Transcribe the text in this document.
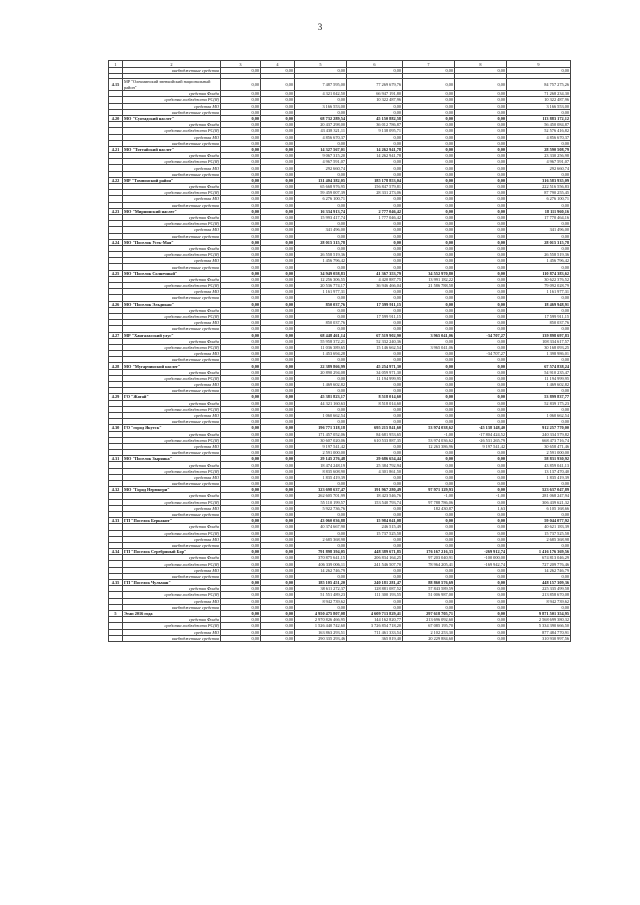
3
1	2	3	4	5	6	7	8	9
	внебюджетные средства	0,00	0,00	0,00	0,00	0,00	0,00	0,00

4.15	МР "Олекминский эвенкийский национальный район"	0,00	0,00	7 487 595,00	77 269 679,76	0,00	0,00	84 757 275,26
	средства Фонда	0,00	0,00	4 321 042,50	66 947 191,80	0,00	0,00	71 268 234,30
	средства госбюджета РС(Я)	0,00	0,00	0,00	10 322 487,96	0,00	0,00	10 322 487,96
	средства МО	0,00	0,00	3 166 553,00	0,00	0,00	0,00	3 166 553,00
	внебюджетные средства	0,00	0,00	0,00	0,00	0,00	0,00	0,00
4.20	МО "Суотадский наслег"	0,00	0,00	68 732 289,54	45 150 882,58	0,00	0,00	113 883 172,12
	средства Фонда	0,00	0,00	20 437 298,00	36 012 786,87	0,00	0,00	56 450 084,87
	средства госбюджета РС(Я)	0,00	0,00	43 438 321,11	9 138 095,71	0,00	0,00	52 576 416,82
	средства МО	0,00	0,00	4 856 670,37	0,00	0,00	0,00	4 856 670,37
	внебюджетные средства	0,00	0,00	0,00	0,00	0,00	0,00	0,00
4.21	МО "Тоттайский наслег"	0,00	0,00	14 327 567,01	14 262 941,78	0,00	0,00	28 590 508,79
	средства Фонда	0,00	0,00	9 067 315,20	14 262 941,78	0,00	0,00	23 330 256,98
	средства госбюджета РС(Я)	0,00	0,00	4 967 591,07	0,00	0,00	0,00	4 967 591,07
	средства МО	0,00	0,00	292 660,74	0,00	0,00	0,00	292 660,74
	внебюджетные средства	0,00	0,00	0,00	0,00	0,00	0,00	0,00
4.22	МР "Томпонский район"	0,00	0,00	131 404 382,05	185 178 853,04	0,00	0,00	316 583 935,09
	средства Фонда	0,00	0,00	65 668 976,95	156 847 579,81	0,00	0,00	222 516 556,83
	средства госбюджета РС(Я)	0,00	0,00	59 459 007,39	28 331 273,06	0,00	0,00	87 790 255,45
	средства МО	0,00	0,00	6 276 100,71	0,00	0,00	0,00	6 276 100,71
	внебюджетные средства	0,00	0,00	0,00	0,00	0,00	0,00	0,00
4.23	МО "Мирнинский наслег"	0,00	0,00	16 334 913,74	2 777 046,42	0,00	0,00	18 111 960,16
	средства Фонда	0,00	0,00	15 993 417,74	1 777 046,42	0,00	0,00	17 770 464,16
	средства госбюджета РС(Я)	0,00	0,00	0,00	0,00	0,00	0,00	0,00
	средства МО	0,00	0,00	341 496,00	0,00	0,00	0,00	341 496,00
	внебюджетные средства	0,00	0,00	0,00	0,00	0,00	0,00	0,00
4.24	МО "Поселок Усть-Мая"	0,00	0,00	28 015 315,78	0,00	0,00	0,00	28 015 315,78
	средства Фонда	0,00	0,00	0,00	0,00	0,00	0,00	0,00
	средства госбюджета РС(Я)	0,00	0,00	26 558 519,36	0,00	0,00	0,00	26 558 519,36
	средства МО	0,00	0,00	1 456 796,42	0,00	0,00	0,00	1 456 796,42
	внебюджетные средства	0,00	0,00	0,00	0,00	0,00	0,00	0,00
4.25	МО "Поселок Солнечный"	0,00	0,00	34 949 058,83	41 367 353,79	34 552 970,80	0,00	110 874 383,62
	средства Фонда	0,00	0,00	12 256 306,55	4 420 887,75	13 991 182,22	0,00	30 622 376,52
	средства госбюджета РС(Я)	0,00	0,00	20 536 774,17	36 946 466,04	21 586 788,58	0,00	79 092 028,79
	средства МО	0,00	0,00	1 161 977,31	0,00	0,00	0,00	1 161 977,31
	внебюджетные средства	0,00	0,00	0,00	0,00	0,00	0,00	0,00
4.26	МО "Поселок Эльдикан"	0,00	0,00	850 037,76	17 599 911,15	0,00	0,00	18 469 948,91
	средства Фонда	0,00	0,00	0,00	0,00	0,00	0,00	0,00
	средства госбюджета РС(Я)	0,00	0,00	0,00	17 599 911,15	0,00	0,00	17 599 911,15
	средства МО	0,00	0,00	850 037,76	0,00	0,00	0,00	850 037,76
	внебюджетные средства	0,00	0,00	0,00	0,00	0,00	0,00	0,00
4.27	МР "Хангаласский улус"	0,00	0,00	68 448 461,14	67 519 902,90	3 965 041,06	-34 707,27	139 898 697,83
	средства Фонда	0,00	0,00	55 958 372,21	52 332 240,36	0,00	0,00	108 334 617,57
	средства госбюджета РС(Я)	0,00	0,00	11 036 389,65	15 146 662,54	3 965 041,06	0,00	30 168 093,25
	средства МО	0,00	0,00	1 453 694,28	0,00	0,00	-34 707,27	1 398 986,01
	внебюджетные средства	0,00	0,00	0,00	0,00	0,00	0,00	0,00
4.28	МО "Мугарчинский наслег"	0,00	0,00	22 389 866,99	45 254 971,30	0,00	0,00	67 574 838,24
	средства Фонда	0,00	0,00	20 890 294,08	34 059 971,30	0,00	0,00	54 910 235,47
	средства госбюджета РС(Я)	0,00	0,00	0,00	11 194 999,95	0,00	0,00	11 194 999,95
	средства МО	0,00	0,00	1 469 602,82	0,00	0,00	0,00	1 469 602,82
	внебюджетные средства	0,00	0,00	0,00	0,00	0,00	0,00	0,00
4.29	ГО "Жатай"	0,00	0,00	45 381 823,17	8 518 014,60	0,00	0,00	53 899 837,77
	средства Фонда	0,00	0,00	44 321 160,63	8 518 014,60	0,00	0,00	52 839 175,23
	средства госбюджета РС(Я)	0,00	0,00	0,00	0,00	0,00	0,00	0,00
	средства МО	0,00	0,00	1 060 662,54	0,00	0,00	0,00	1 060 662,54
	внебюджетные средства	0,00	0,00	0,00	0,00	0,00	0,00	0,00
4.30	ГО "город Якутск"	0,00	0,00	196 771 318,18	695 215 841,60	53 974 038,62	-45 138 148,40	912 257 770,00
	средства Фонда	0,00	0,00	171 457 052,06	84 681 953,65	-1,00	-17 804 424,52	240 334 579,82
	средства госбюджета РС(Я)	0,00	0,00	30 607 020,06	610 533 887,35	53 974 036,62	-26 531 265,79	668 473 716,74
	средства МО	0,00	0,00	9 197 541,42	0,00	12 263 386,96	9 197 541,42	30 658 471,46
	внебюджетные средства	0,00	0,00	2 591 000,00	0,00	0,00	0,00	2 591 000,00
4.31	МО "Поселок Зырянка"	0,00	0,00	29 145 276,48	29 686 654,44	0,00	0,00	58 831 930,92
	средства Фонда	0,00	0,00	18 474 248,19	25 384 792,94	0,00	0,00	43 859 041,13
	средства госбюджета РС(Я)	0,00	0,00	8 835 608,90	4 301 861,50	0,00	0,00	13 137 470,40
	средства МО	0,00	0,00	1 835 419,39	0,00	0,00	0,00	1 835 419,39
	внебюджетные средства	0,00	0,00	0,00	0,00	0,00	0,00	0,00
4.32	МО "Город Нерюнгри"	0,00	0,00	323 698 637,47	191 967 280,49	97 971 129,93	0,00	523 637 047,89
	средства Фонда	0,00	0,00	262 605 701,99	18 423 546,76	-1,00	-1,00	281 068 247,94
	средства госбюджета РС(Я)	0,00	0,00	55 110 199,57	153 540 793,74	97 788 786,06	0,00	306 439 621,32
	средства МО	0,00	0,00	5 922 736,76	0,00	182 430,87	1,63	6 105 168,66
	внебюджетные средства	0,00	0,00	0,00	0,00	0,00	0,00	0,00
4.33	ГП "Поселок Беркакит"	0,00	0,00	43 060 036,88	15 984 041,08	0,00	0,00	59 044 077,92
	средства Фонда	0,00	0,00	40 374 667,90	246 515,49	0,00	0,00	40 621 183,39
	средства госбюджета РС(Я)	0,00	0,00	0,00	15 737 525,58	0,00	0,00	15 737 525,58
	средства МО	0,00	0,00	2 685 368,98	0,00	0,00	0,00	2 685 368,98
	внебюджетные средства	0,00	0,00	0,00	0,00	0,00	0,00	0,00
4.34	ГП "Поселок Серебряный Бор"	0,00	0,00	791 898 394,05	448 389 671,85	176 167 216,33	-269 912,74	1 416 176 369,56
	средства Фонда	0,00	0,00	370 875 641,15	206 834 164,25	97 203 040,91	-100 000,00	674 813 046,29
	средства госбюджета РС(Я)	0,00	0,00	406 339 006,11	241 546 507,70	78 964 205,41	-169 942,74	727 209 776,46
	средства МО	0,00	0,00	14 262 746,79	0,00	0,00	0,00	14 262 746,79
	внебюджетные средства	0,00	0,00	0,00	0,00	0,00	0,00	0,00
4.35	ГП "Поселок Чульман"	0,00	0,00	185 105 451,20	240 181 281,47	88 860 576,69	0,00	448 157 309,36
	средства Фонда	0,00	0,00	38 611 272,37	128 881 087,52	57 843 589,59	0,00	225 335 499,58
	средства госбюджета РС(Я)	0,00	0,00	51 551 489,23	111 300 193,55	51 006 987,00	0,00	213 858 670,08
	средства МО	0,00	0,00	8 942 739,62	0,00	0,00	0,00	8 942 739,62
	внебюджетные средства	0,00	0,00	0,00	0,00	0,00	0,00	0,00
5	Этап 2016 года	0,00	0,00	4 950 475 807,08	4 609 713 829,41	297 618 705,71	0,00	9 871 501 354,95
	средства Фонда	0,00	0,00	2 970 826 466,95	144 162 820,77	213 696 092,60	0,00	2 568 699 380,32
	средства госбюджета РС(Я)	0,00	0,00	1 526 440 742,60	3 726 854 718,20	67 085 195,70	0,00	5 334 390 666,50
	средства МО	0,00	0,00	163 863 293,51	711 461 333,54	2 102 253,30	0,00	877 484 770,91
	внебюджетные средства	0,00	0,00	290 335 293,46	365 819,40	20 229 884,60	0,00	310 930 997,56
